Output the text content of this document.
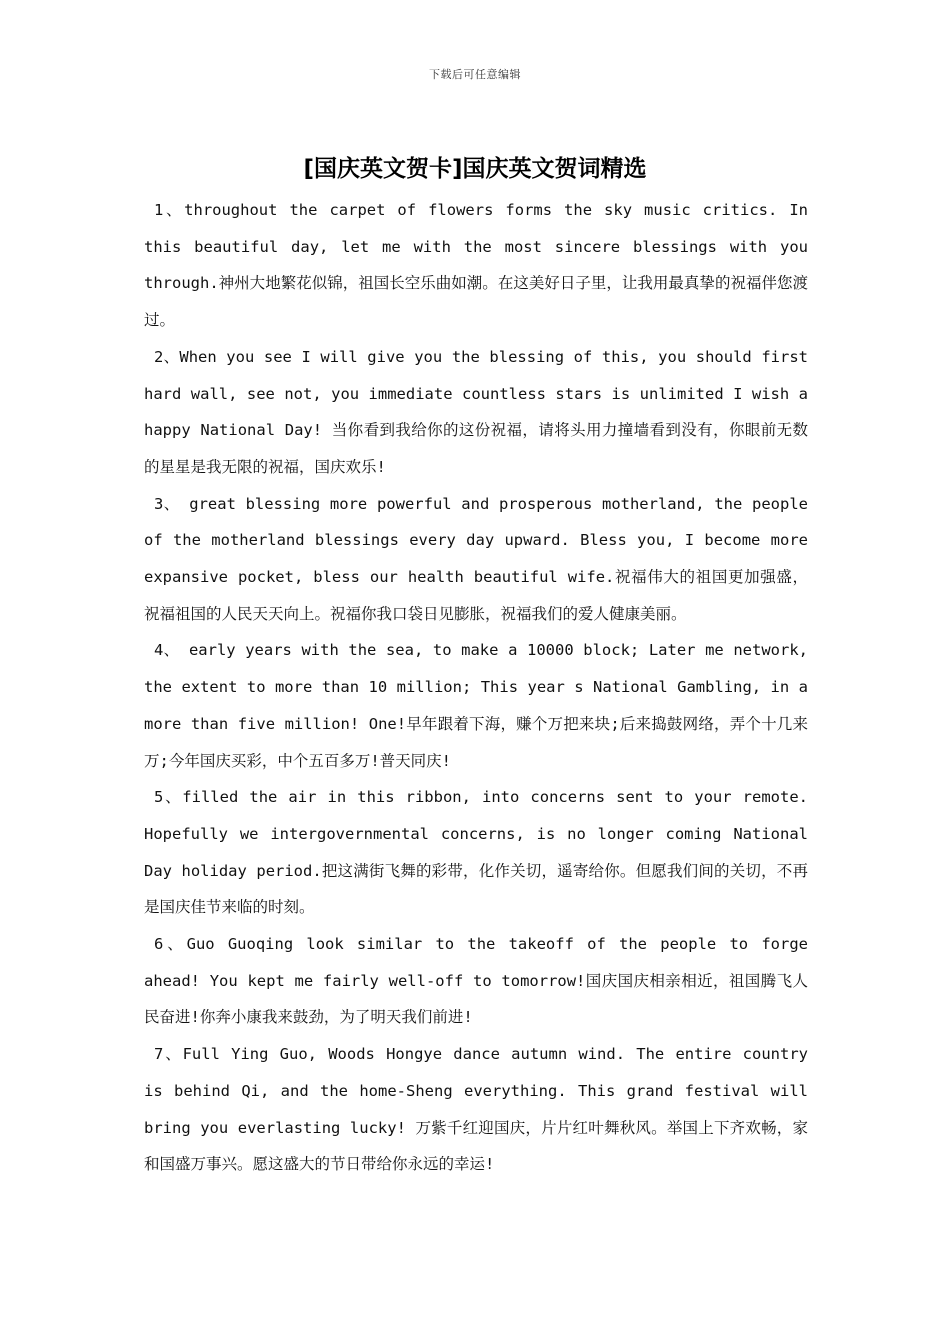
下载后可任意编辑
[国庆英文贺卡]国庆英文贺词精选

1、throughout the carpet of flowers forms the sky music critics. In this beautiful day, let me with the most sincere blessings with you through.神州大地繁花似锦，祖国长空乐曲如潮。在这美好日子里，让我用最真挚的祝福伴您渡过。

2、When you see I will give you the blessing of this, you should first hard wall, see not, you immediate countless stars is unlimited I wish a happy National Day! 当你看到我给你的这份祝福，请将头用力撞墙看到没有，你眼前无数的星星是我无限的祝福，国庆欢乐!

3、 great blessing more powerful and prosperous motherland, the people of the motherland blessings every day upward. Bless you, I become more expansive pocket, bless our health beautiful wife.祝福伟大的祖国更加强盛，祝福祖国的人民天天向上。祝福你我口袋日见膨胀，祝福我们的爱人健康美丽。

4、 early years with the sea, to make a 10000 block; Later me network, the extent to more than 10 million; This year s National Gambling, in a more than five million! One!早年跟着下海，赚个万把来块;后来捣鼓网络，弄个十几来万;今年国庆买彩，中个五百多万!普天同庆!

5、filled the air in this ribbon, into concerns sent to your remote. Hopefully we intergovernmental concerns, is no longer coming National Day holiday period.把这满街飞舞的彩带，化作关切，遥寄给你。但愿我们间的关切，不再是国庆佳节来临的时刻。

6、Guo Guoqing look similar to the takeoff of the people to forge ahead! You kept me fairly well-off to tomorrow!国庆国庆相亲相近，祖国腾飞人民奋进!你奔小康我来鼓劲，为了明天我们前进!

7、Full Ying Guo, Woods Hongye dance autumn wind. The entire country is behind Qi, and the home-Sheng everything. This grand festival will bring you everlasting lucky! 万紫千红迎国庆，片片红叶舞秋风。举国上下齐欢畅，家和国盛万事兴。愿这盛大的节日带给你永远的幸运!
